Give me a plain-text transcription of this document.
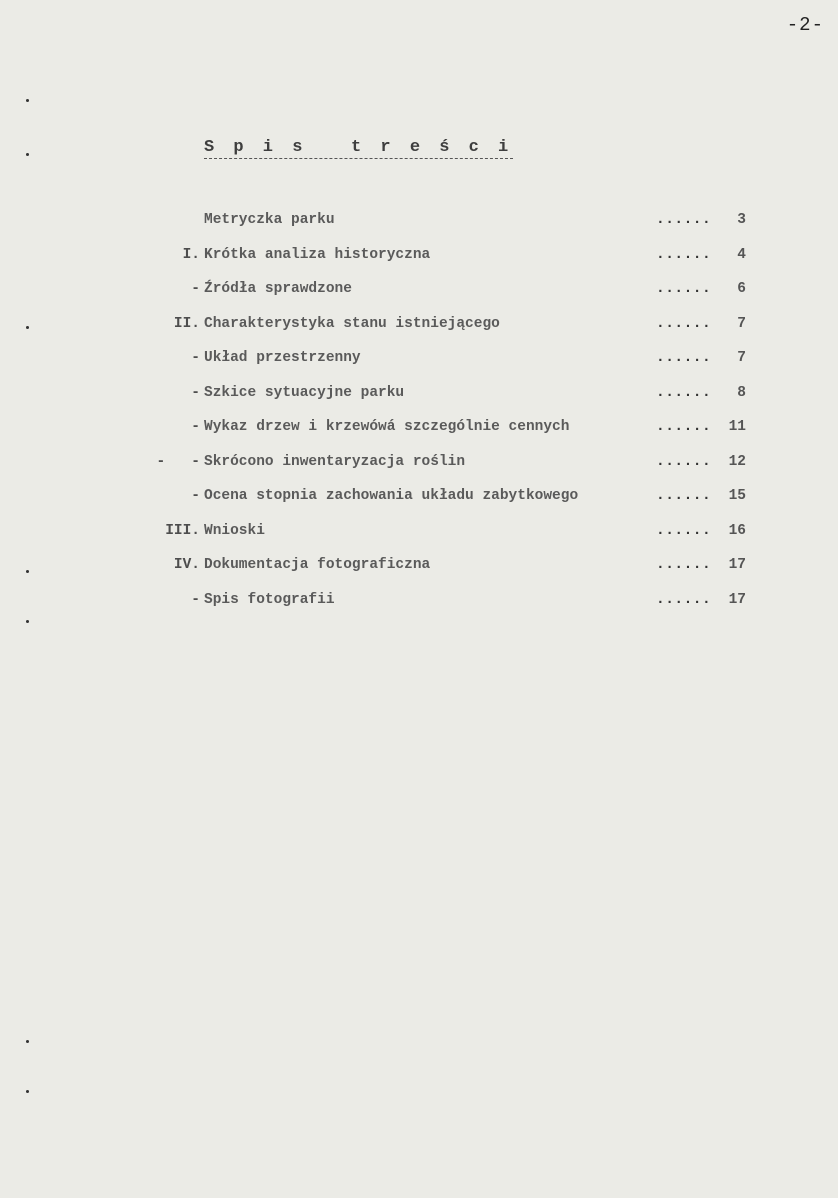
-2-
S p i s   t r e ś c i
Metryczka parku	......	3
I. Krótka analiza historyczna	......	4
- Źródła sprawdzone	......	6
II. Charakterystyka stanu istniejącego	......	7
- Układ przestrzenny	......	7
- Szkice sytuacyjne parku	......	8
- Wykaz drzew i krzewówá szczególnie cennych	......	11
-   - Skrócono inwentaryzacja roślin	......	12
- Ocena stopnia zachowania układu zabytkowego	......	15
III. Wnioski	......	16
IV. Dokumentacja fotograficzna	......	17
- Spis fotografii	......	17
